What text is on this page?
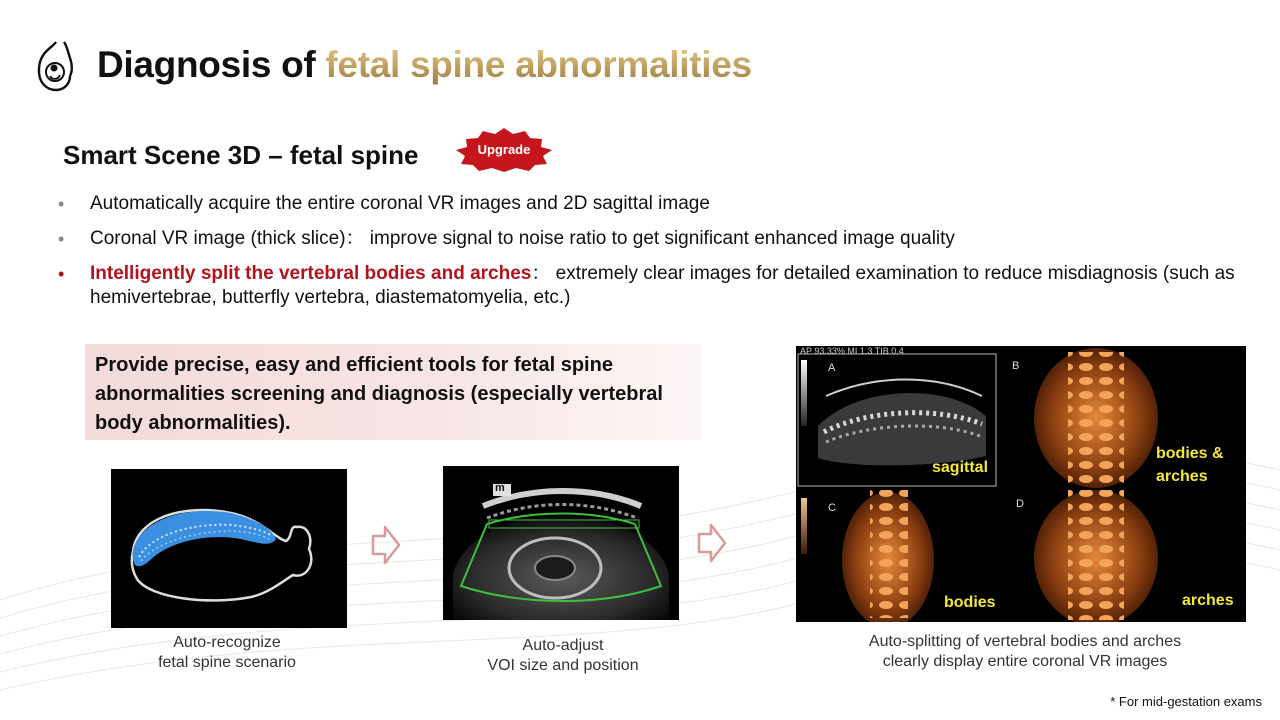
Diagnosis of fetal spine abnormalities
Smart Scene 3D – fetal spine	Upgrade
• Automatically acquire the entire coronal VR images and 2D sagittal image
• Coronal VR image (thick slice)： improve signal to noise ratio to get significant enhanced image quality
• Intelligently split the vertebral bodies and arches： extremely clear images for detailed examination to reduce misdiagnosis (such as hemivertebrae, butterfly vertebra, diastematomyelia, etc.)
Provide precise, easy and efficient tools for fetal spine abnormalities screening and diagnosis (especially vertebral body abnormalities).
Auto-recognize
fetal spine scenario
m
Auto-adjust
VOI size and position
AP 93.33% MI 1.3 TIB 0.4
A	B
C	D
sagittal
bodies &
arches
bodies	arches
Auto-splitting of vertebral bodies and arches
clearly display entire coronal VR images
* For mid-gestation exams
